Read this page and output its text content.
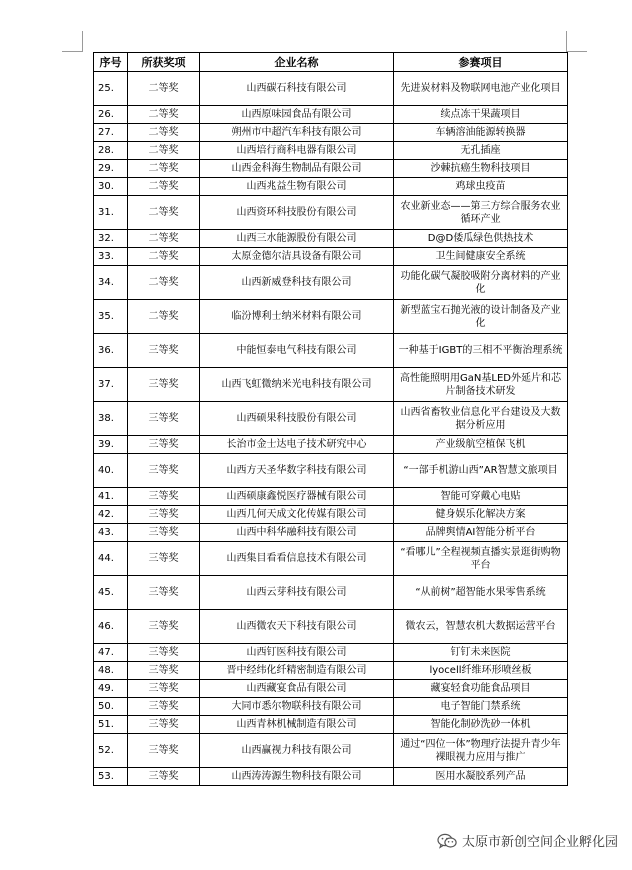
序号	所获奖项	企业名称	参赛项目
25.	二等奖	山西碳石科技有限公司	先进炭材料及物联网电池产业化项目
26.	二等奖	山西原味园食品有限公司	续点冻干果蔬项目
27.	二等奖	朔州市中超汽车科技有限公司	车辆溶油能源转换器
28.	二等奖	山西培行商科电器有限公司	无孔插座
29.	二等奖	山西金科海生物制品有限公司	沙棘抗癌生物科技项目
30.	二等奖	山西兆益生物有限公司	鸡球虫疫苗
31.	二等奖	山西资环科技股份有限公司	农业新业态——第三方综合服务农业循环产业
32.	二等奖	山西三水能源股份有限公司	D@D倭瓜绿色供热技术
33.	二等奖	太原金德尔洁具设备有限公司	卫生间健康安全系统
34.	二等奖	山西新威登科技有限公司	功能化碳气凝胶吸附分离材料的产业化
35.	二等奖	临汾博利士纳米材料有限公司	新型蓝宝石抛光液的设计制备及产业化
36.	三等奖	中能恒泰电气科技有限公司	一种基于IGBT的三相不平衡治理系统
37.	三等奖	山西飞虹微纳米光电科技有限公司	高性能照明用GaN基LED外延片和芯片制备技术研发
38.	三等奖	山西硕果科技股份有限公司	山西省畜牧业信息化平台建设及大数据分析应用
39.	三等奖	长治市金士达电子技术研究中心	产业级航空植保飞机
40.	三等奖	山西方天圣华数字科技有限公司	“一部手机游山西”AR智慧文旅项目
41.	三等奖	山西硕康鑫悦医疗器械有限公司	智能可穿戴心电贴
42.	三等奖	山西几何天成文化传媒有限公司	健身娱乐化解决方案
43.	三等奖	山西中科华融科技有限公司	品牌舆情AI智能分析平台
44.	三等奖	山西集目看看信息技术有限公司	“看哪儿”全程视频直播实景逛街购物平台
45.	三等奖	山西云芽科技有限公司	“从前树”超智能水果零售系统
46.	三等奖	山西微农天下科技有限公司	微农云，智慧农机大数据运营平台
47.	三等奖	山西钉医科技有限公司	钉钉未来医院
48.	三等奖	晋中经纬化纤精密制造有限公司	lyocell纤维环形喷丝板
49.	三等奖	山西藏宴食品有限公司	藏宴轻食功能食品项目
50.	三等奖	大同市悉尔物联科技有限公司	电子智能门禁系统
51.	三等奖	山西青林机械制造有限公司	智能化制砂洗砂一体机
52.	三等奖	山西赢视力科技有限公司	通过“四位一体”物理疗法提升青少年裸眼视力应用与推广
53.	三等奖	山西涛涛源生物科技有限公司	医用水凝胶系列产品
太原市新创空间企业孵化园
